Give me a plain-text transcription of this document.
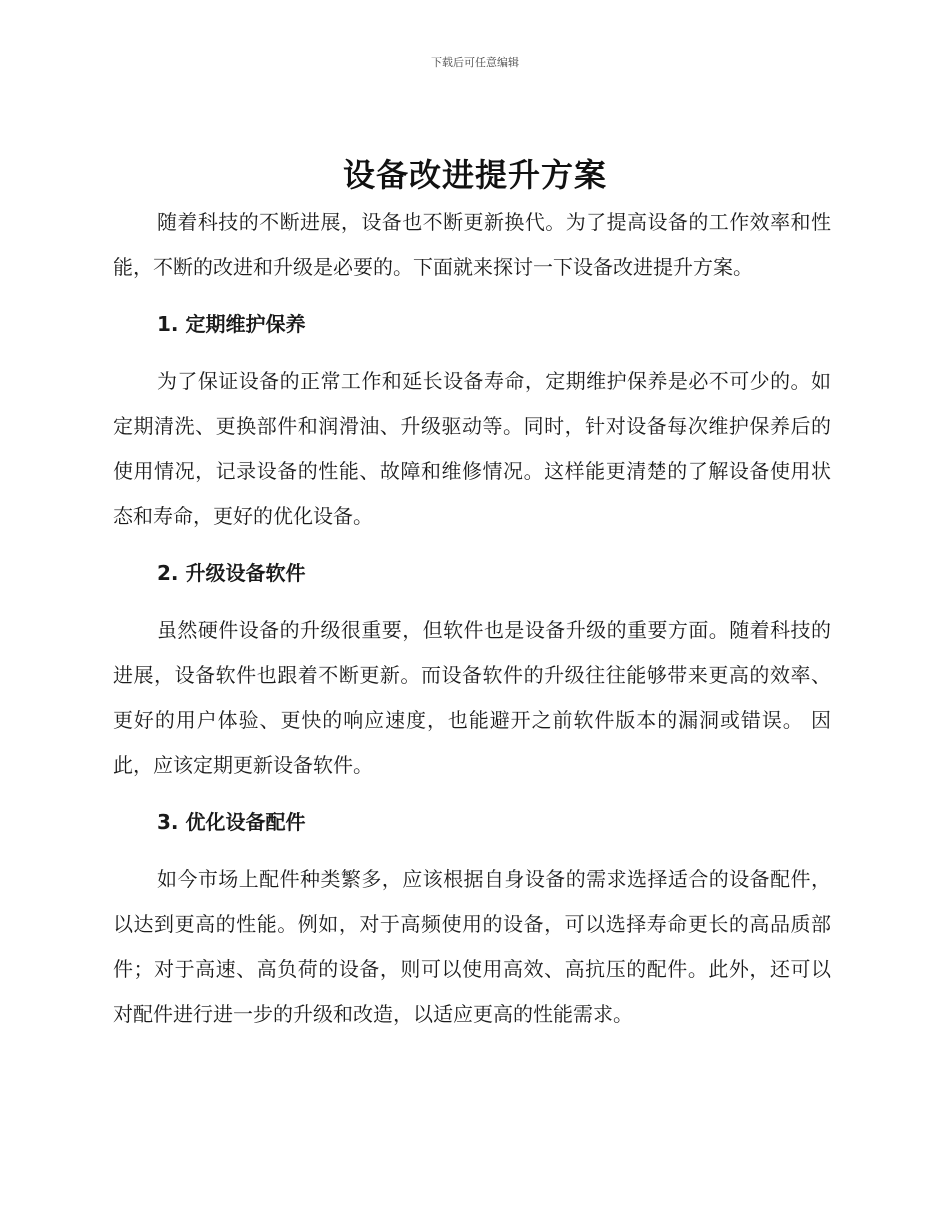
下载后可任意编辑
设备改进提升方案

随着科技的不断进展，设备也不断更新换代。为了提高设备的工作效率和性能，不断的改进和升级是必要的。下面就来探讨一下设备改进提升方案。

1. 定期维护保养

为了保证设备的正常工作和延长设备寿命，定期维护保养是必不可少的。如定期清洗、更换部件和润滑油、升级驱动等。同时，针对设备每次维护保养后的使用情况，记录设备的性能、故障和维修情况。这样能更清楚的了解设备使用状态和寿命，更好的优化设备。

2. 升级设备软件

虽然硬件设备的升级很重要，但软件也是设备升级的重要方面。随着科技的进展，设备软件也跟着不断更新。而设备软件的升级往往能够带来更高的效率、更好的用户体验、更快的响应速度，也能避开之前软件版本的漏洞或错误。 因此，应该定期更新设备软件。

3. 优化设备配件

如今市场上配件种类繁多，应该根据自身设备的需求选择适合的设备配件，以达到更高的性能。例如，对于高频使用的设备，可以选择寿命更长的高品质部件；对于高速、高负荷的设备，则可以使用高效、高抗压的配件。此外，还可以对配件进行进一步的升级和改造，以适应更高的性能需求。
